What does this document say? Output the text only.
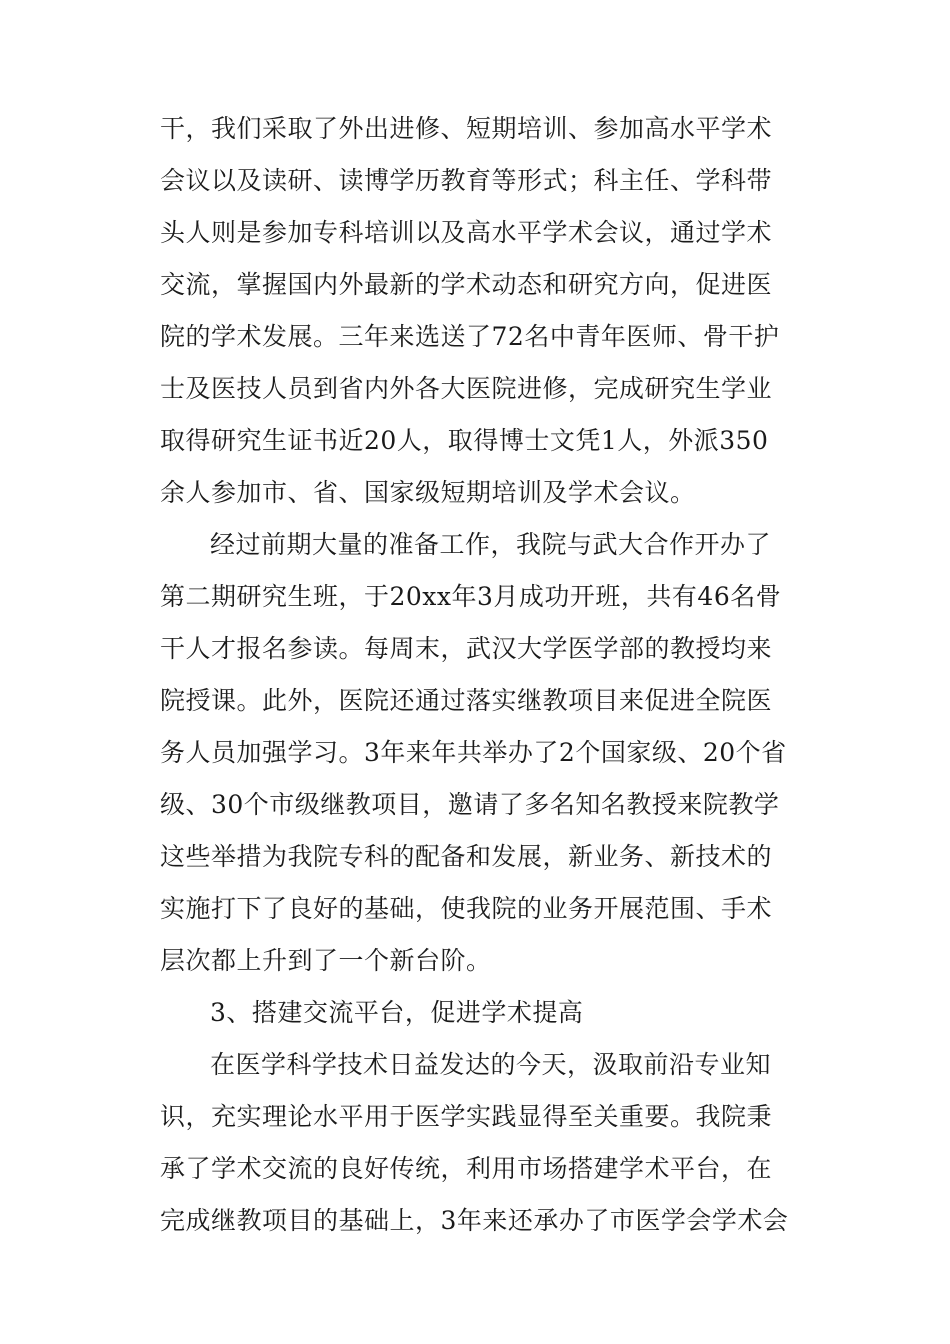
干，我们采取了外出进修、短期培训、参加高水平学术
会议以及读研、读博学历教育等形式；科主任、学科带
头人则是参加专科培训以及高水平学术会议，通过学术
交流，掌握国内外最新的学术动态和研究方向，促进医
院的学术发展。三年来选送了72名中青年医师、骨干护
士及医技人员到省内外各大医院进修，完成研究生学业
取得研究生证书近20人，取得博士文凭1人，外派350
余人参加市、省、国家级短期培训及学术会议。
经过前期大量的准备工作，我院与武大合作开办了
第二期研究生班，于20xx年3月成功开班，共有46名骨
干人才报名参读。每周末，武汉大学医学部的教授均来
院授课。此外，医院还通过落实继教项目来促进全院医
务人员加强学习。3年来年共举办了2个国家级、20个省
级、30个市级继教项目，邀请了多名知名教授来院教学
这些举措为我院专科的配备和发展，新业务、新技术的
实施打下了良好的基础，使我院的业务开展范围、手术
层次都上升到了一个新台阶。
3、搭建交流平台，促进学术提高
在医学科学技术日益发达的今天，汲取前沿专业知
识，充实理论水平用于医学实践显得至关重要。我院秉
承了学术交流的良好传统，利用市场搭建学术平台，在
完成继教项目的基础上，3年来还承办了市医学会学术会
